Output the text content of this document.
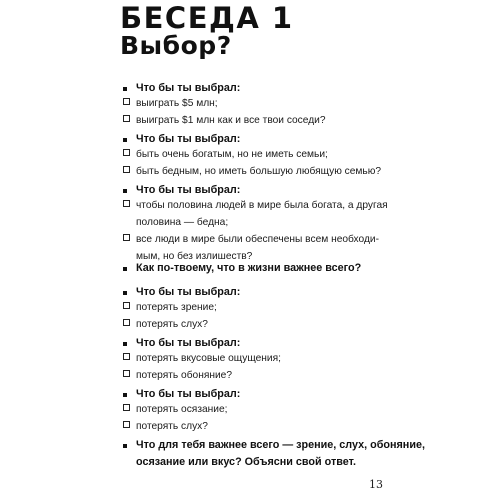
БЕСЕДА 1
Выбор?
Что бы ты выбрал:
выиграть $5 млн;
выиграть $1 млн как и все твои соседи?
Что бы ты выбрал:
быть очень богатым, но не иметь семьи;
быть бедным, но иметь большую любящую семью?
Что бы ты выбрал:
чтобы половина людей в мире была богата, а другая
половина — бедна;
все люди в мире были обеспечены всем необходи-
мым, но без излишеств?
Как по-твоему, что в жизни важнее всего?
Что бы ты выбрал:
потерять зрение;
потерять слух?
Что бы ты выбрал:
потерять вкусовые ощущения;
потерять обоняние?
Что бы ты выбрал:
потерять осязание;
потерять слух?
Что для тебя важнее всего — зрение, слух, обоняние,
осязание или вкус? Объясни свой ответ.
13
